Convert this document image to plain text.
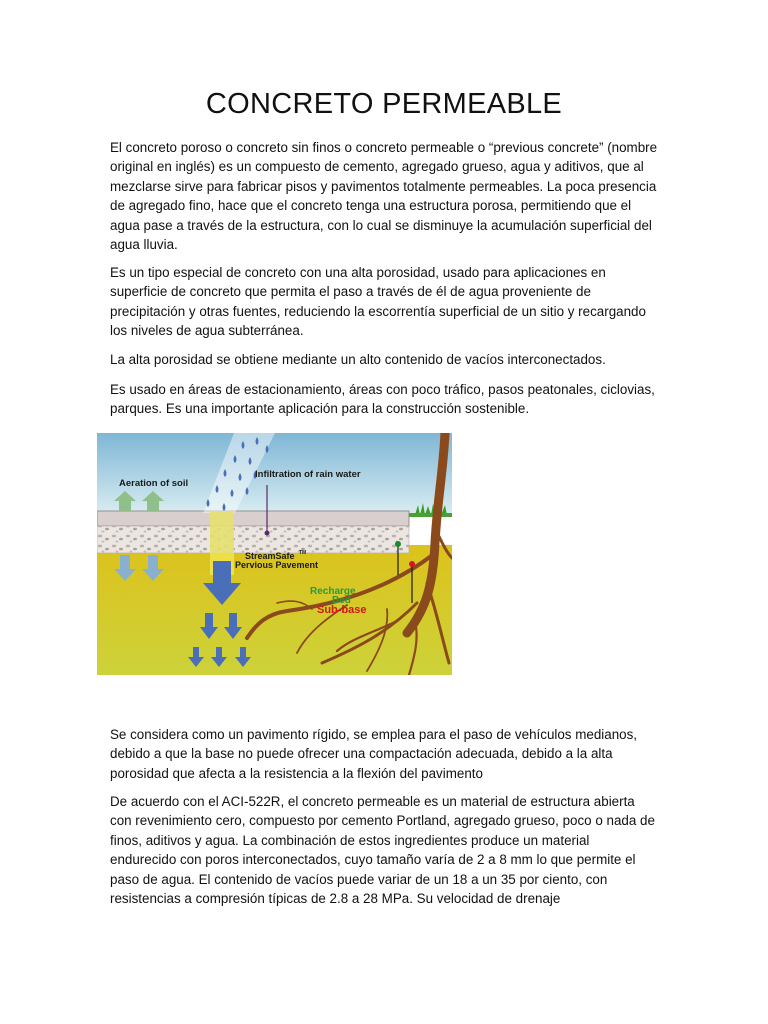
CONCRETO PERMEABLE

El concreto poroso o concreto sin finos o concreto permeable o “previous concrete” (nombre original en inglés) es un compuesto de cemento, agregado grueso, agua y aditivos, que al mezclarse sirve para fabricar pisos y pavimentos totalmente permeables. La poca presencia de agregado fino, hace que el concreto tenga una estructura porosa, permitiendo que el agua pase a través de la estructura, con lo cual se disminuye la acumulación superficial del agua lluvia.

Es un tipo especial de concreto con una alta porosidad, usado para aplicaciones en superficie de concreto que permita el paso a través de él de agua proveniente de precipitación y otras fuentes, reduciendo la escorrentía superficial de un sitio y recargando los niveles de agua subterránea.

La alta porosidad se obtiene mediante un alto contenido de vacíos interconectados.

Es usado en áreas de estacionamiento, áreas con poco tráfico, pasos peatonales, ciclovias, parques. Es una importante aplicación para la construcción sostenible.

Aeration of soil
Infiltration of rain water
StreamSafe TM
Pervious Pavement
Recharge
Bed
Sub-base

Se considera como un pavimento rígido, se emplea para el paso de vehículos medianos, debido a que la base no puede ofrecer una compactación adecuada, debido a la alta porosidad que afecta a la resistencia a la flexión del pavimento

De acuerdo con el ACI-522R, el concreto permeable es un material de estructura abierta con revenimiento cero, compuesto por cemento Portland, agregado grueso, poco o nada de finos, aditivos y agua. La combinación de estos ingredientes produce un material endurecido con poros interconectados, cuyo tamaño varía de 2 a 8 mm lo que permite el paso de agua. El contenido de vacíos puede variar de un 18 a un 35 por ciento, con resistencias a compresión típicas de 2.8 a 28 MPa. Su velocidad de drenaje
